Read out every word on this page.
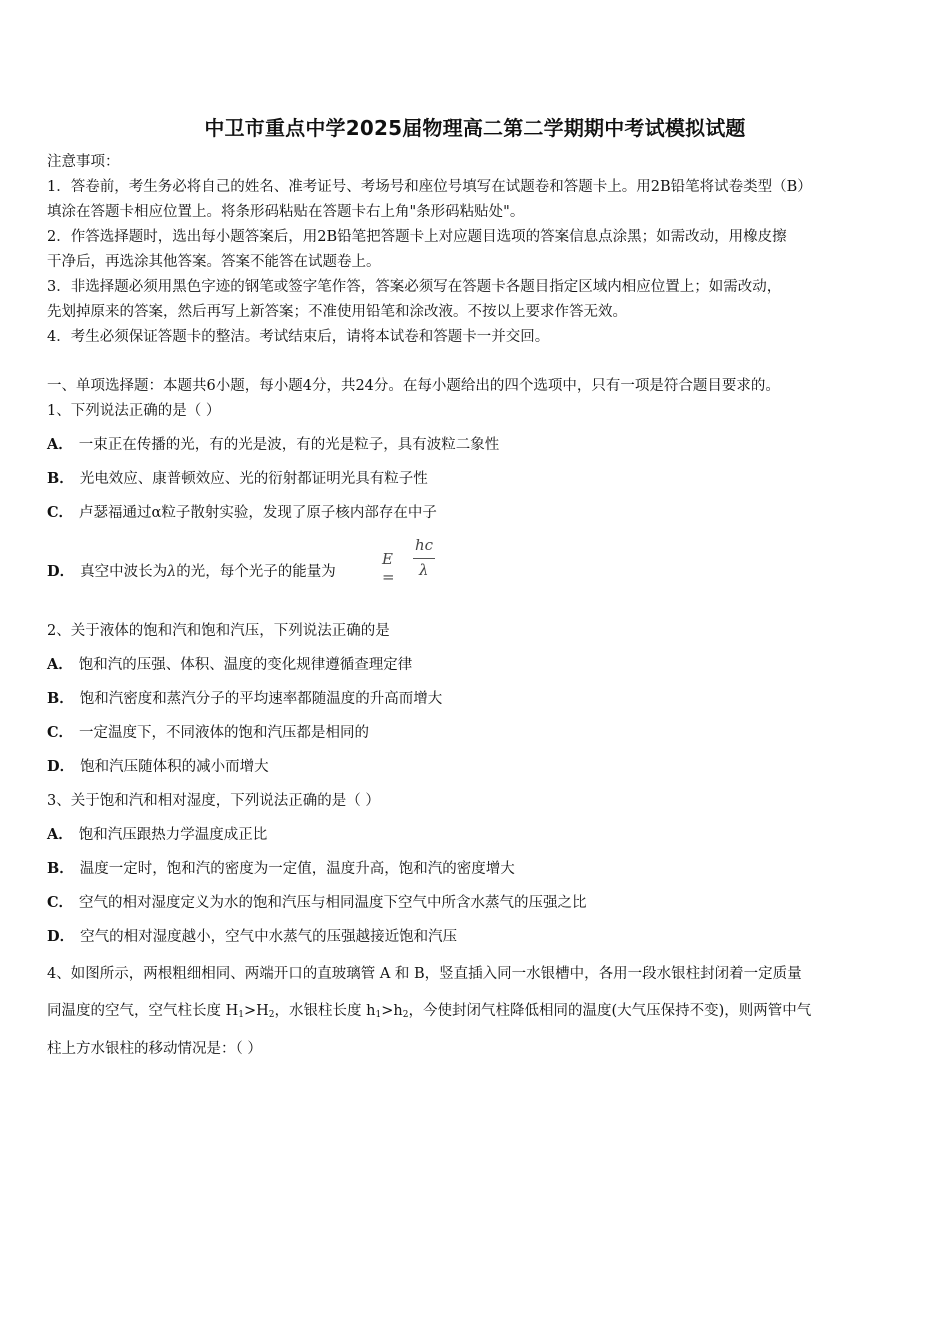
中卫市重点中学2025届物理高二第二学期期中考试模拟试题
注意事项：
1．答卷前，考生务必将自己的姓名、准考证号、考场号和座位号填写在试题卷和答题卡上。用2B铅笔将试卷类型（B）
填涂在答题卡相应位置上。将条形码粘贴在答题卡右上角"条形码粘贴处"。
2．作答选择题时，选出每小题答案后，用2B铅笔把答题卡上对应题目选项的答案信息点涂黑；如需改动，用橡皮擦
干净后，再选涂其他答案。答案不能答在试题卷上。
3．非选择题必须用黑色字迹的钢笔或签字笔作答，答案必须写在答题卡各题目指定区域内相应位置上；如需改动，
先划掉原来的答案，然后再写上新答案；不准使用铅笔和涂改液。不按以上要求作答无效。
4．考生必须保证答题卡的整洁。考试结束后，请将本试卷和答题卡一并交回。
一、单项选择题：本题共6小题，每小题4分，共24分。在每小题给出的四个选项中，只有一项是符合题目要求的。
1、下列说法正确的是（ ）
A． 一束正在传播的光，有的光是波，有的光是粒子，具有波粒二象性
B． 光电效应、康普顿效应、光的衍射都证明光具有粒子性
C． 卢瑟福通过α粒子散射实验，发现了原子核内部存在中子
D． 真空中波长为λ的光，每个光子的能量为
E =
hc
λ
2、关于液体的饱和汽和饱和汽压，下列说法正确的是
A． 饱和汽的压强、体积、温度的变化规律遵循查理定律
B． 饱和汽密度和蒸汽分子的平均速率都随温度的升高而增大
C． 一定温度下，不同液体的饱和汽压都是相同的
D． 饱和汽压随体积的减小而增大
3、关于饱和汽和相对湿度，下列说法正确的是（ ）
A． 饱和汽压跟热力学温度成正比
B． 温度一定时，饱和汽的密度为一定值，温度升高，饱和汽的密度增大
C． 空气的相对湿度定义为水的饱和汽压与相同温度下空气中所含水蒸气的压强之比
D． 空气的相对湿度越小，空气中水蒸气的压强越接近饱和汽压
4、如图所示，两根粗细相同、两端开口的直玻璃管 A 和 B，竖直插入同一水银槽中，各用一段水银柱封闭着一定质量
同温度的空气，空气柱长度 $H_1>H_2$，水银柱长度 $h_1>h_2$，今使封闭气柱降低相同的温度(大气压保持不变)，则两管中气
柱上方水银柱的移动情况是：（ ）
